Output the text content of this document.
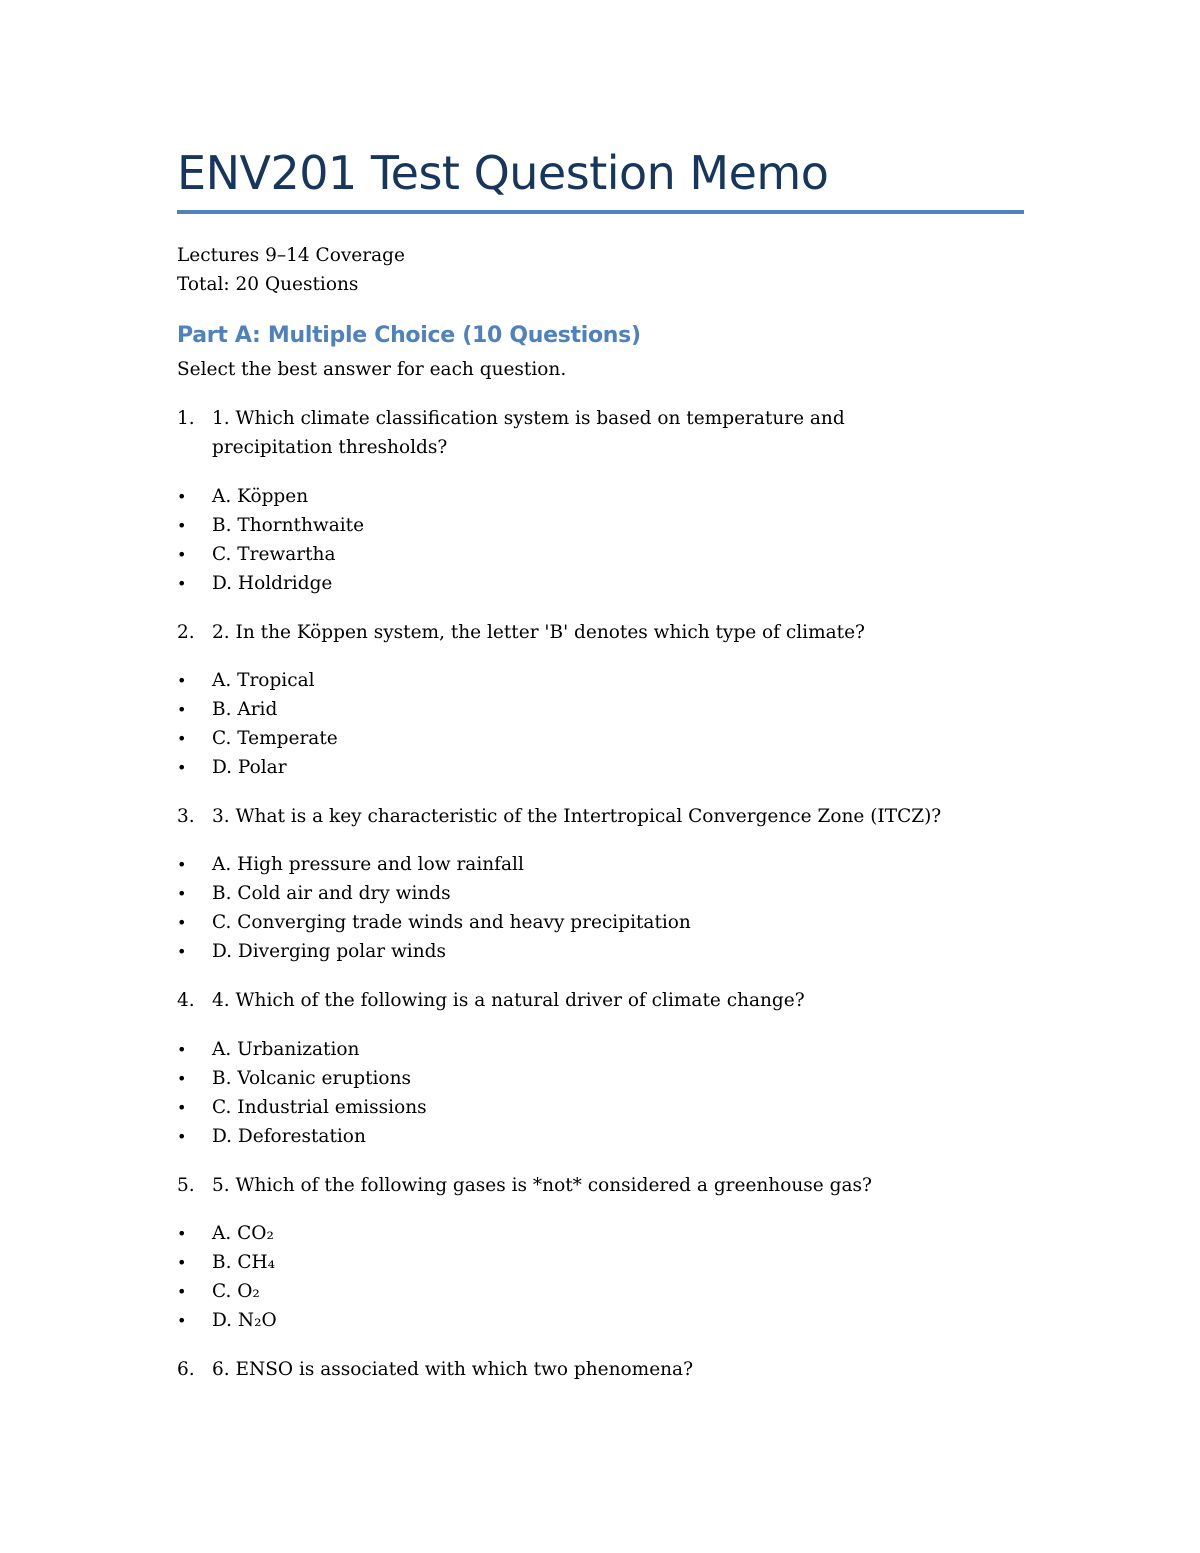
ENV201 Test Question Memo
Lectures 9–14 Coverage
Total: 20 Questions
Part A: Multiple Choice (10 Questions)
Select the best answer for each question.
1. 1. Which climate classification system is based on temperature and precipitation thresholds?
• A. Köppen
• B. Thornthwaite
• C. Trewartha
• D. Holdridge
2. 2. In the Köppen system, the letter 'B' denotes which type of climate?
• A. Tropical
• B. Arid
• C. Temperate
• D. Polar
3. 3. What is a key characteristic of the Intertropical Convergence Zone (ITCZ)?
• A. High pressure and low rainfall
• B. Cold air and dry winds
• C. Converging trade winds and heavy precipitation
• D. Diverging polar winds
4. 4. Which of the following is a natural driver of climate change?
• A. Urbanization
• B. Volcanic eruptions
• C. Industrial emissions
• D. Deforestation
5. 5. Which of the following gases is *not* considered a greenhouse gas?
• A. CO₂
• B. CH₄
• C. O₂
• D. N₂O
6. 6. ENSO is associated with which two phenomena?
